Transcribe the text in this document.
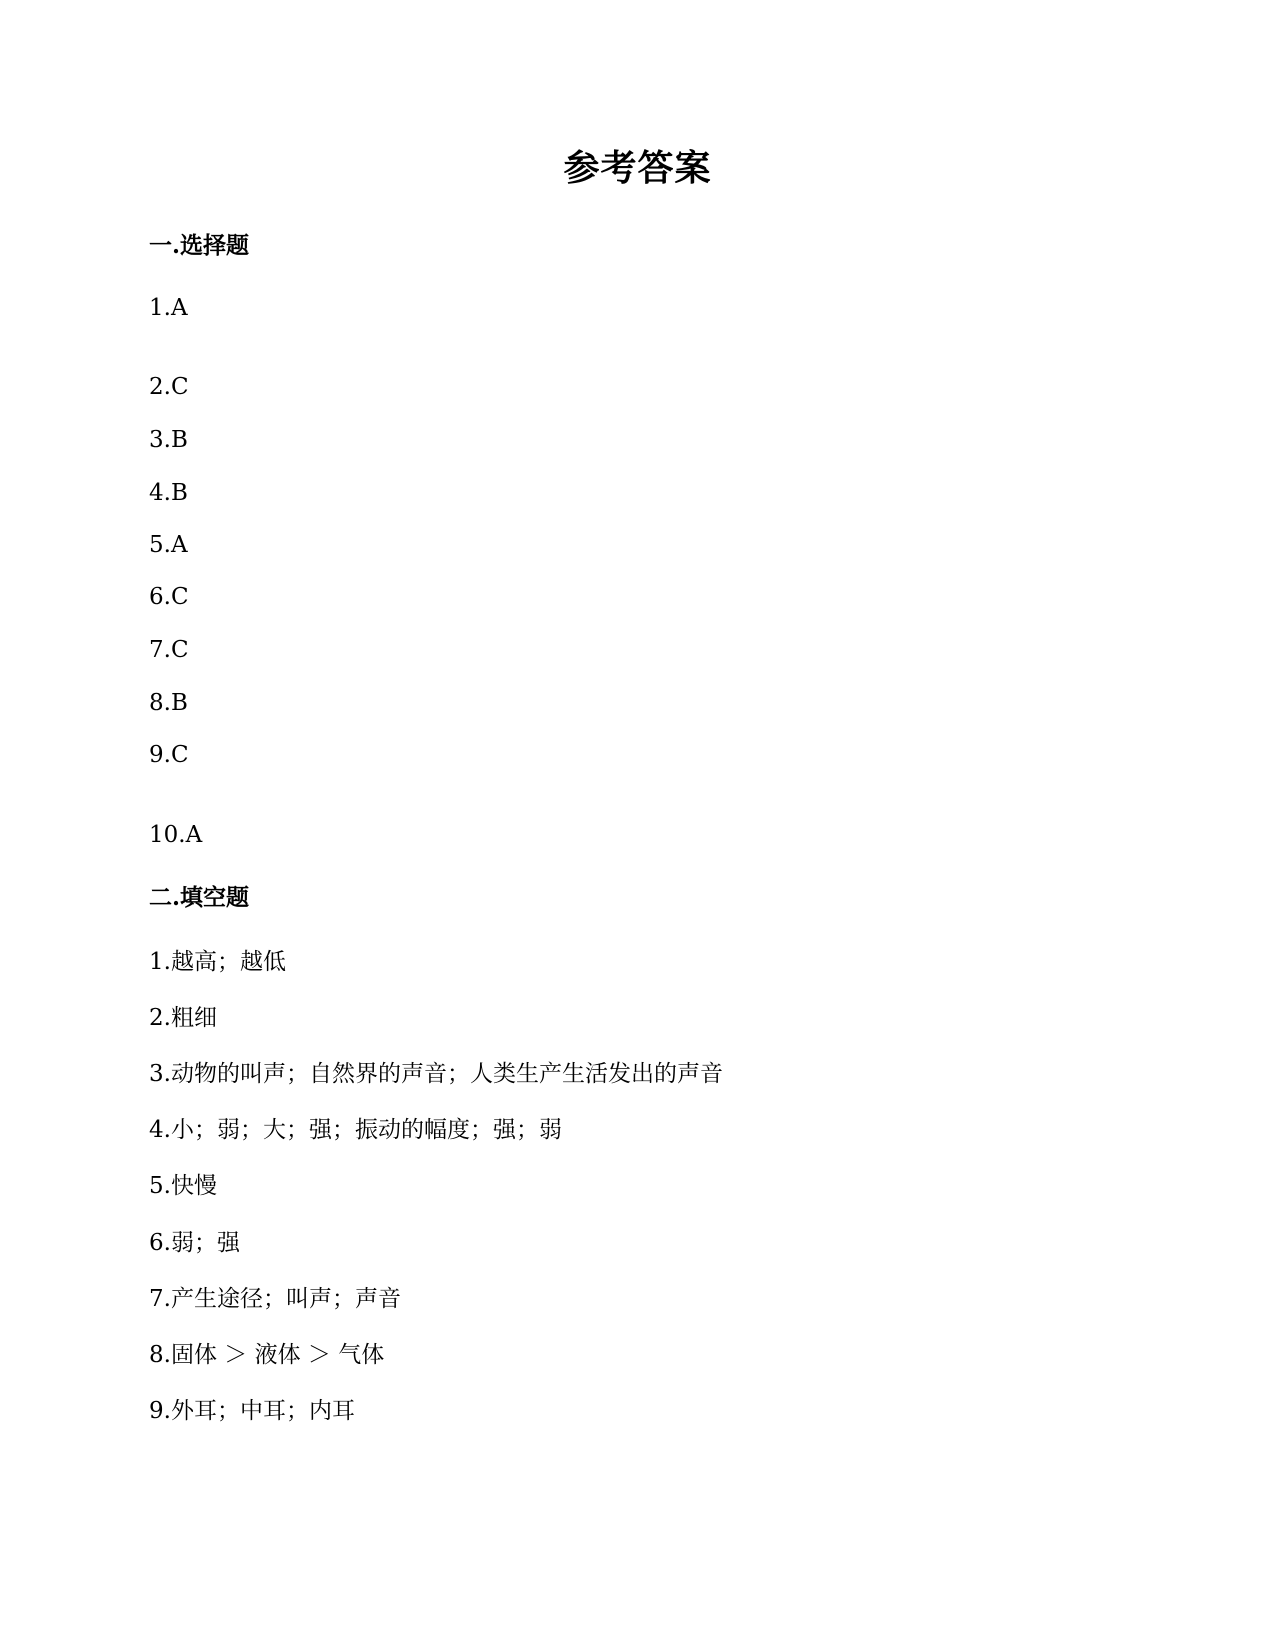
参考答案
一.选择题
1.A
2.C
3.B
4.B
5.A
6.C
7.C
8.B
9.C
10.A
二.填空题
1.越高；越低
2.粗细
3.动物的叫声；自然界的声音；人类生产生活发出的声音
4.小；弱；大；强；振动的幅度；强；弱
5.快慢
6.弱；强
7.产生途径；叫声；声音
8.固体 ＞ 液体 ＞ 气体
9.外耳；中耳；内耳
